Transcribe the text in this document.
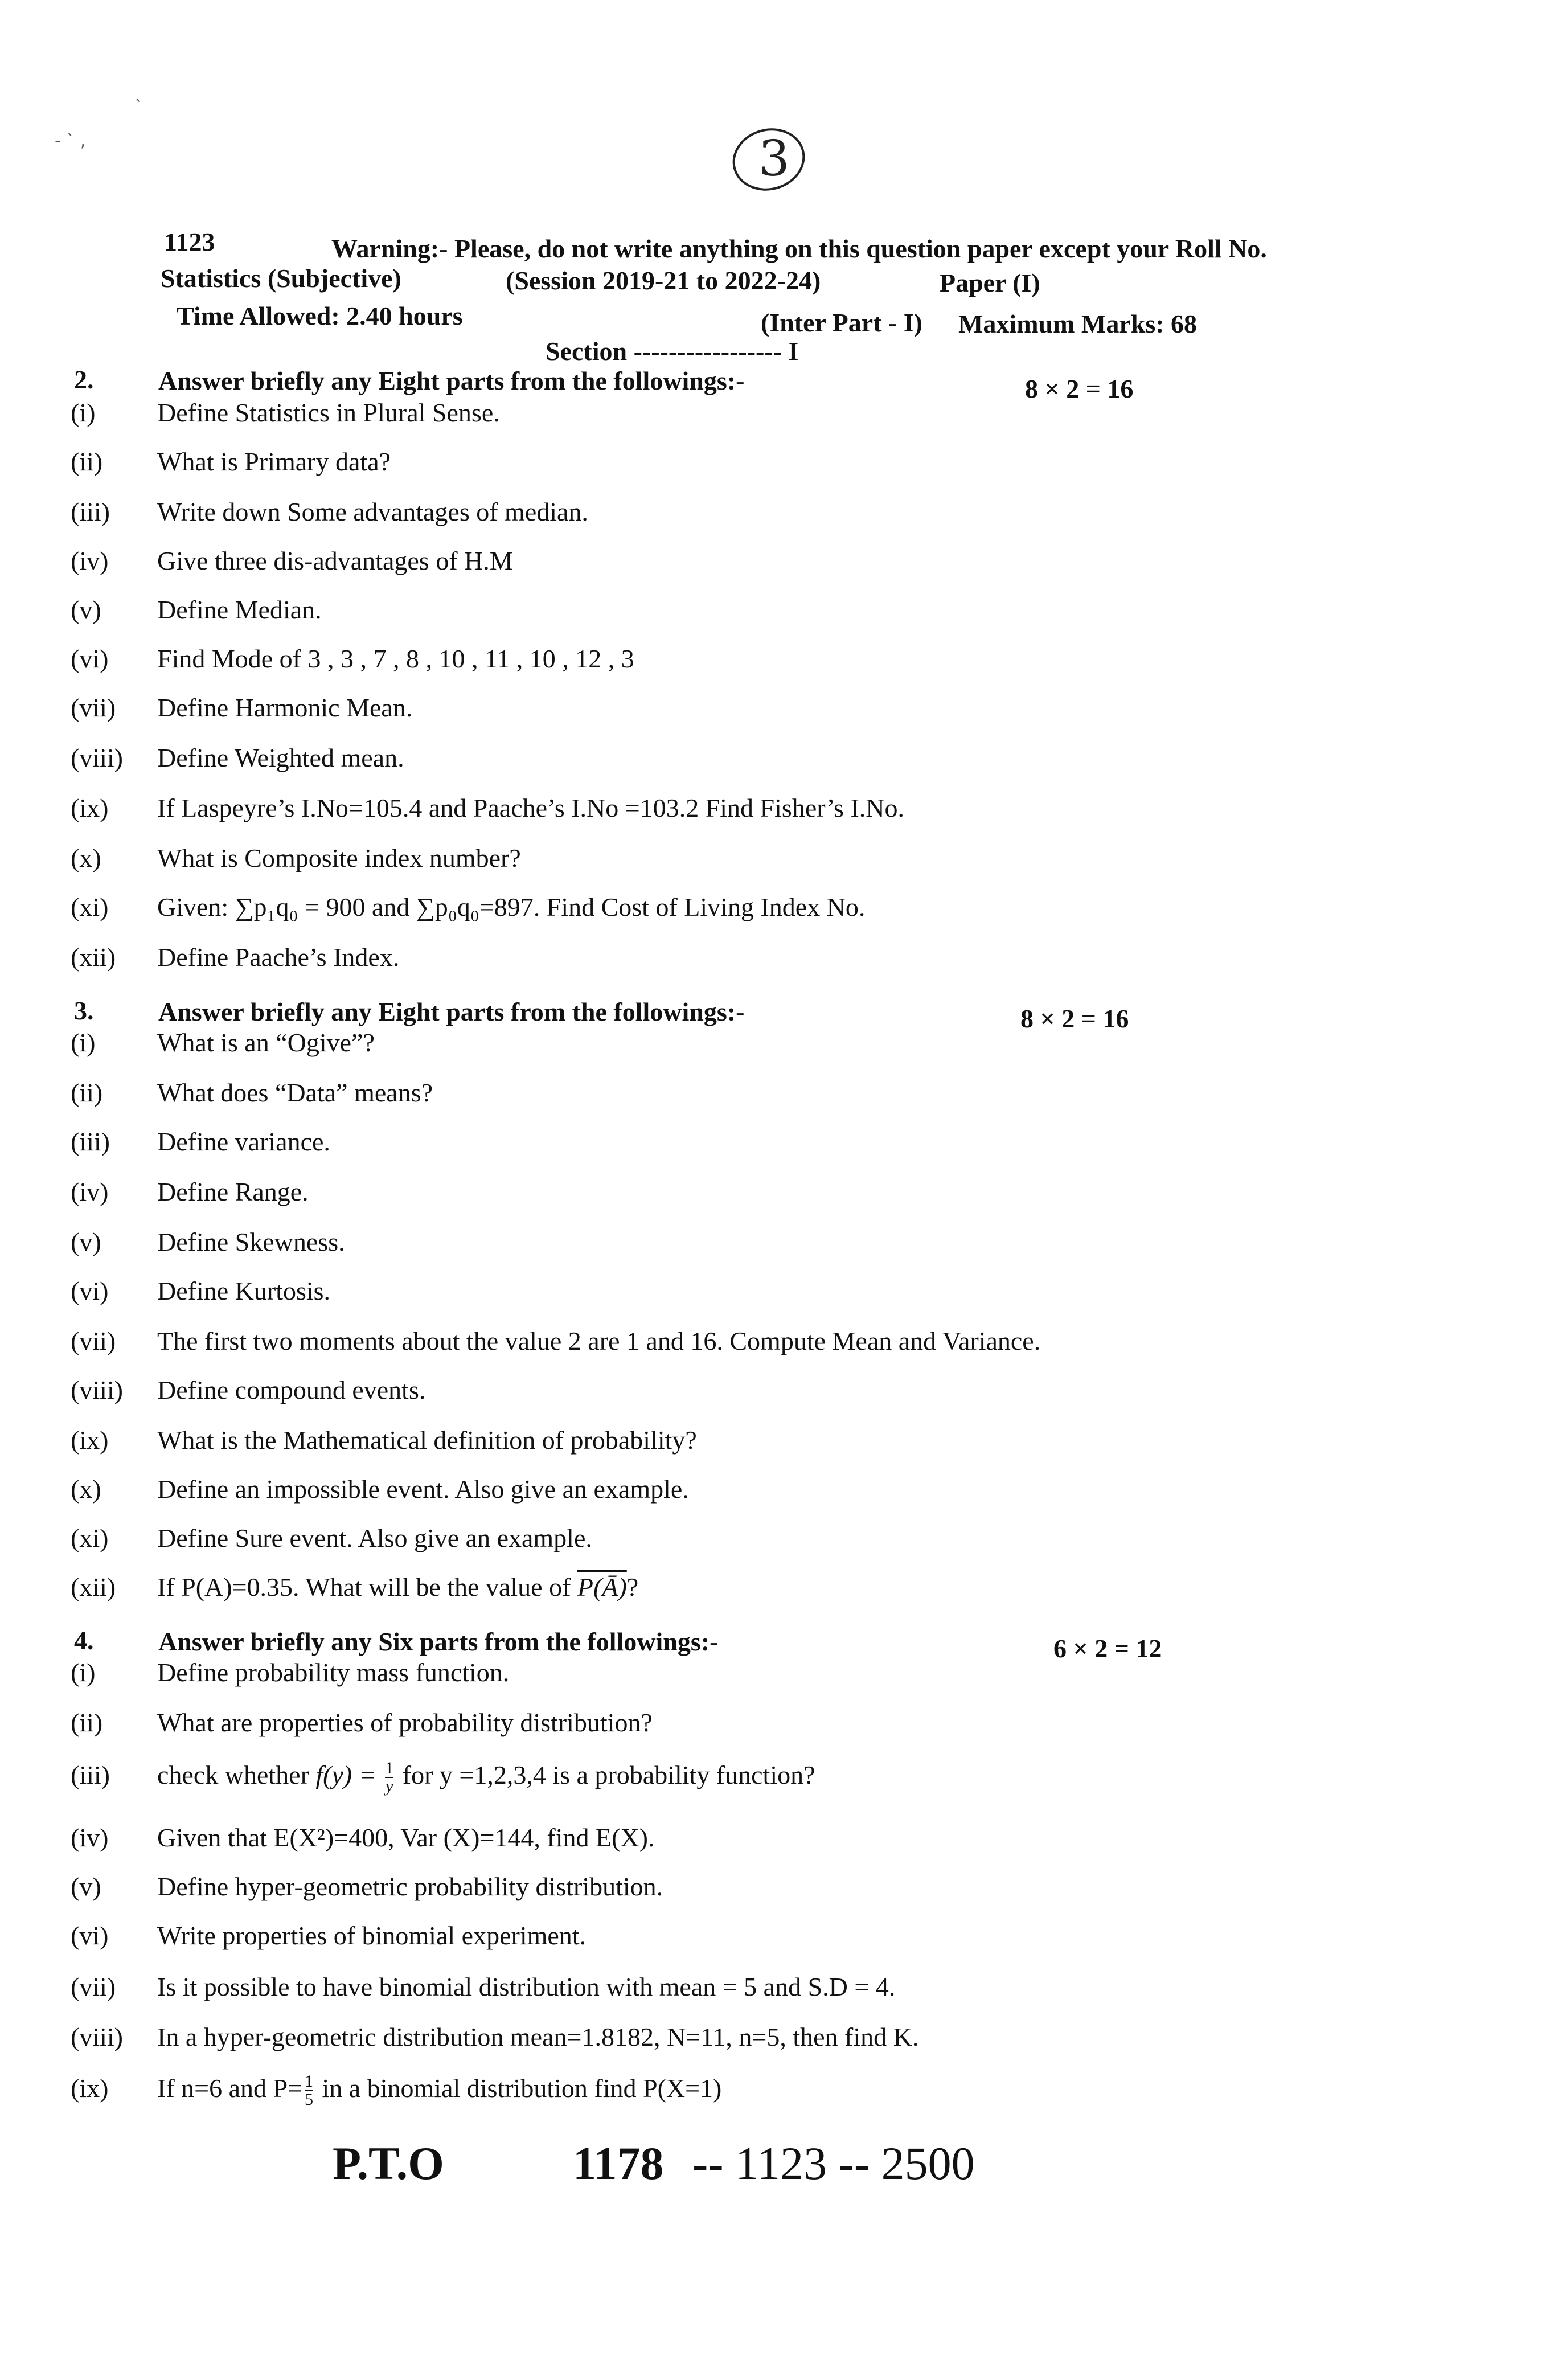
`
- ` ,	3
1123	Warning:- Please, do not write anything on this question paper except your Roll No.
Statistics (Subjective)	(Session 2019-21 to 2022-24)	Paper (I)
Time Allowed: 2.40 hours	(Inter Part - I) Maximum Marks: 68
Section ----------------- I
2. Answer briefly any Eight parts from the followings:-	8 × 2 = 16
(i) Define Statistics in Plural Sense.
(ii) What is Primary data?
(iii) Write down Some advantages of median.
(iv) Give three dis-advantages of H.M
(v) Define Median.
(vi) Find Mode of 3 , 3 , 7 , 8 , 10 , 11 , 10 , 12 , 3
(vii) Define Harmonic Mean.
(viii) Define Weighted mean.
(ix) If Laspeyre’s I.No=105.4 and Paache’s I.No =103.2 Find Fisher’s I.No.
(x) What is Composite index number?
(xi) Given: ∑p₁q₀ = 900 and ∑p₀q₀=897. Find Cost of Living Index No.
(xii) Define Paache’s Index.
3. Answer briefly any Eight parts from the followings:-	8 × 2 = 16
(i) What is an “Ogive”?
(ii) What does “Data” means?
(iii) Define variance.
(iv) Define Range.
(v) Define Skewness.
(vi) Define Kurtosis.
(vii) The first two moments about the value 2 are 1 and 16. Compute Mean and Variance.
(viii) Define compound events.
(ix) What is the Mathematical definition of probability?
(x) Define an impossible event. Also give an example.
(xi) Define Sure event. Also give an example.
(xii) If P(A)=0.35. What will be the value of P(Ā)?
4. Answer briefly any Six parts from the followings:-	6 × 2 = 12
(i) Define probability mass function.
(ii) What are properties of probability distribution?
(iii) check whether $f(y) = \frac{1}{y}$ for y =1,2,3,4 is a probability function?
(iv) Given that E(X²)=400, Var (X)=144, find E(X).
(v) Define hyper-geometric probability distribution.
(vi) Write properties of binomial experiment.
(vii) Is it possible to have binomial distribution with mean = 5 and S.D = 4.
(viii) In a hyper-geometric distribution mean=1.8182, N=11, n=5, then find K.
(ix) If n=6 and $P= \frac{1}{5}$ in a binomial distribution find P(X=1)
P.T.O	1178 -- 1123 -- 2500
